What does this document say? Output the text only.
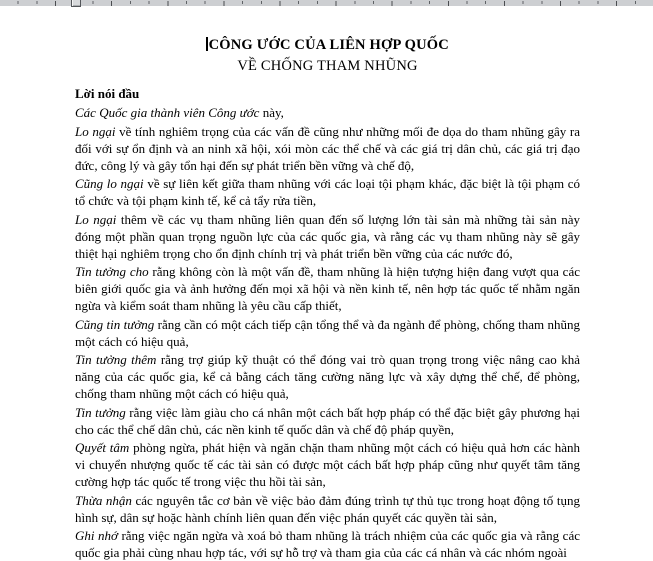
CÔNG ƯỚC CỦA LIÊN HỢP QUỐC
VỀ CHỐNG THAM NHŨNG
Lời nói đầu

Các Quốc gia thành viên Công ước này,

Lo ngại về tính nghiêm trọng của các vấn đề cũng như những mối đe dọa do tham nhũng gây ra đối với sự ổn định và an ninh xã hội, xói mòn các thể chế và các giá trị dân chủ, các giá trị đạo đức, công lý và gây tổn hại đến sự phát triển bền vững và chế độ,

Cũng lo ngại về sự liên kết giữa tham nhũng với các loại tội phạm khác, đặc biệt là tội phạm có tổ chức và tội phạm kinh tế, kể cả tẩy rửa tiền,

Lo ngại thêm về các vụ tham nhũng liên quan đến số lượng lớn tài sản mà những tài sản này đóng một phần quan trọng nguồn lực của các quốc gia, và rằng các vụ tham nhũng này sẽ gây thiệt hại nghiêm trọng cho ổn định chính trị và phát triển bền vững của các nước đó,

Tin tưởng cho rằng không còn là một vấn đề, tham nhũng là hiện tượng hiện đang vượt qua các biên giới quốc gia và ảnh hưởng đến mọi xã hội và nền kinh tế, nên hợp tác quốc tế nhằm ngăn ngừa và kiểm soát tham nhũng là yêu cầu cấp thiết,

Cũng tin tưởng rằng cần có một cách tiếp cận tổng thể và đa ngành để phòng, chống tham nhũng một cách có hiệu quả,

Tin tưởng thêm rằng trợ giúp kỹ thuật có thể đóng vai trò quan trọng trong việc nâng cao khả năng của các quốc gia, kể cả bằng cách tăng cường năng lực và xây dựng thể chế, để phòng, chống tham nhũng một cách có hiệu quả,

Tin tưởng rằng việc làm giàu cho cá nhân một cách bất hợp pháp có thể đặc biệt gây phương hại cho các thể chế dân chủ, các nền kinh tế quốc dân và chế độ pháp quyền,

Quyết tâm phòng ngừa, phát hiện và ngăn chặn tham nhũng một cách có hiệu quả hơn các hành vi chuyển nhượng quốc tế các tài sản có được một cách bất hợp pháp cũng như quyết tâm tăng cường hợp tác quốc tế trong việc thu hồi tài sản,

Thừa nhận các nguyên tắc cơ bản về việc bảo đảm đúng trình tự thủ tục trong hoạt động tố tụng hình sự, dân sự hoặc hành chính liên quan đến việc phán quyết các quyền tài sản,

Ghi nhớ rằng việc ngăn ngừa và xoá bỏ tham nhũng là trách nhiệm của các quốc gia và rằng các quốc gia phải cùng nhau hợp tác, với sự hỗ trợ và tham gia của các cá nhân và các nhóm ngoài
